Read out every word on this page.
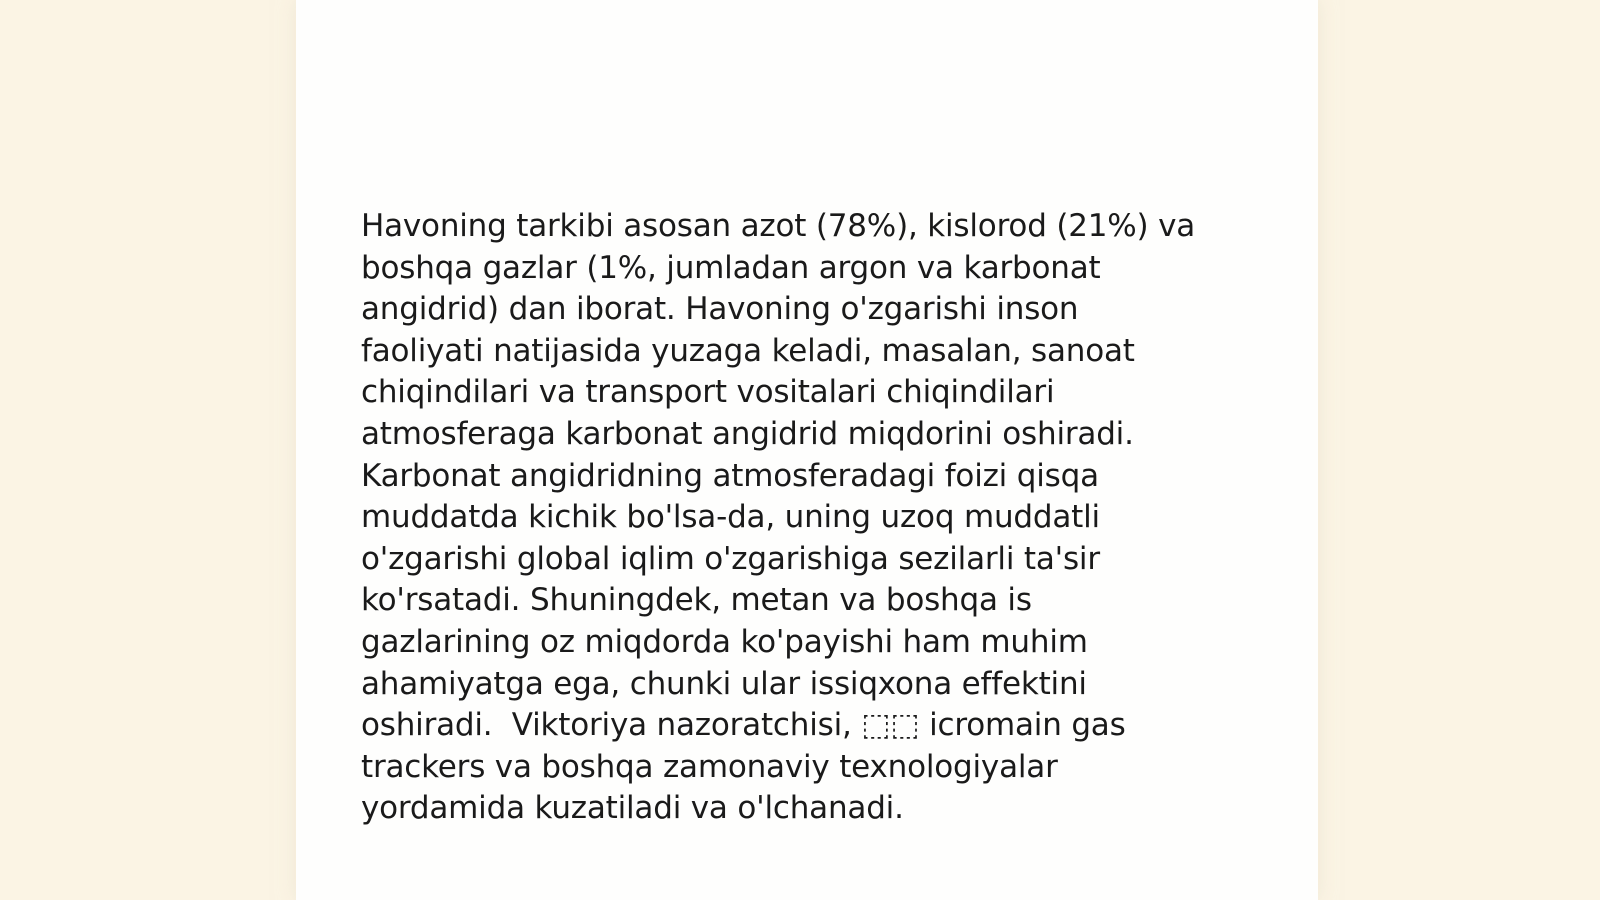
Havoning tarkibi asosan azot (78%), kislorod (21%) va
boshqa gazlar (1%, jumladan argon va karbonat
angidrid) dan iborat. Havoning o'zgarishi inson
faoliyati natijasida yuzaga keladi, masalan, sanoat
chiqindilari va transport vositalari chiqindilari
atmosferaga karbonat angidrid miqdorini oshiradi.
Karbonat angidridning atmosferadagi foizi qisqa
muddatda kichik bo'lsa-da, uning uzoq muddatli
o'zgarishi global iqlim o'zgarishiga sezilarli ta'sir
ko'rsatadi. Shuningdek, metan va boshqa is
gazlarining oz miqdorda ko'payishi ham muhim
ahamiyatga ega, chunki ular issiqxona effektini
oshiradi.  Viktoriya nazoratchisi, ⬚⬚ icromain gas
trackers va boshqa zamonaviy texnologiyalar
yordamida kuzatiladi va o'lchanadi.
